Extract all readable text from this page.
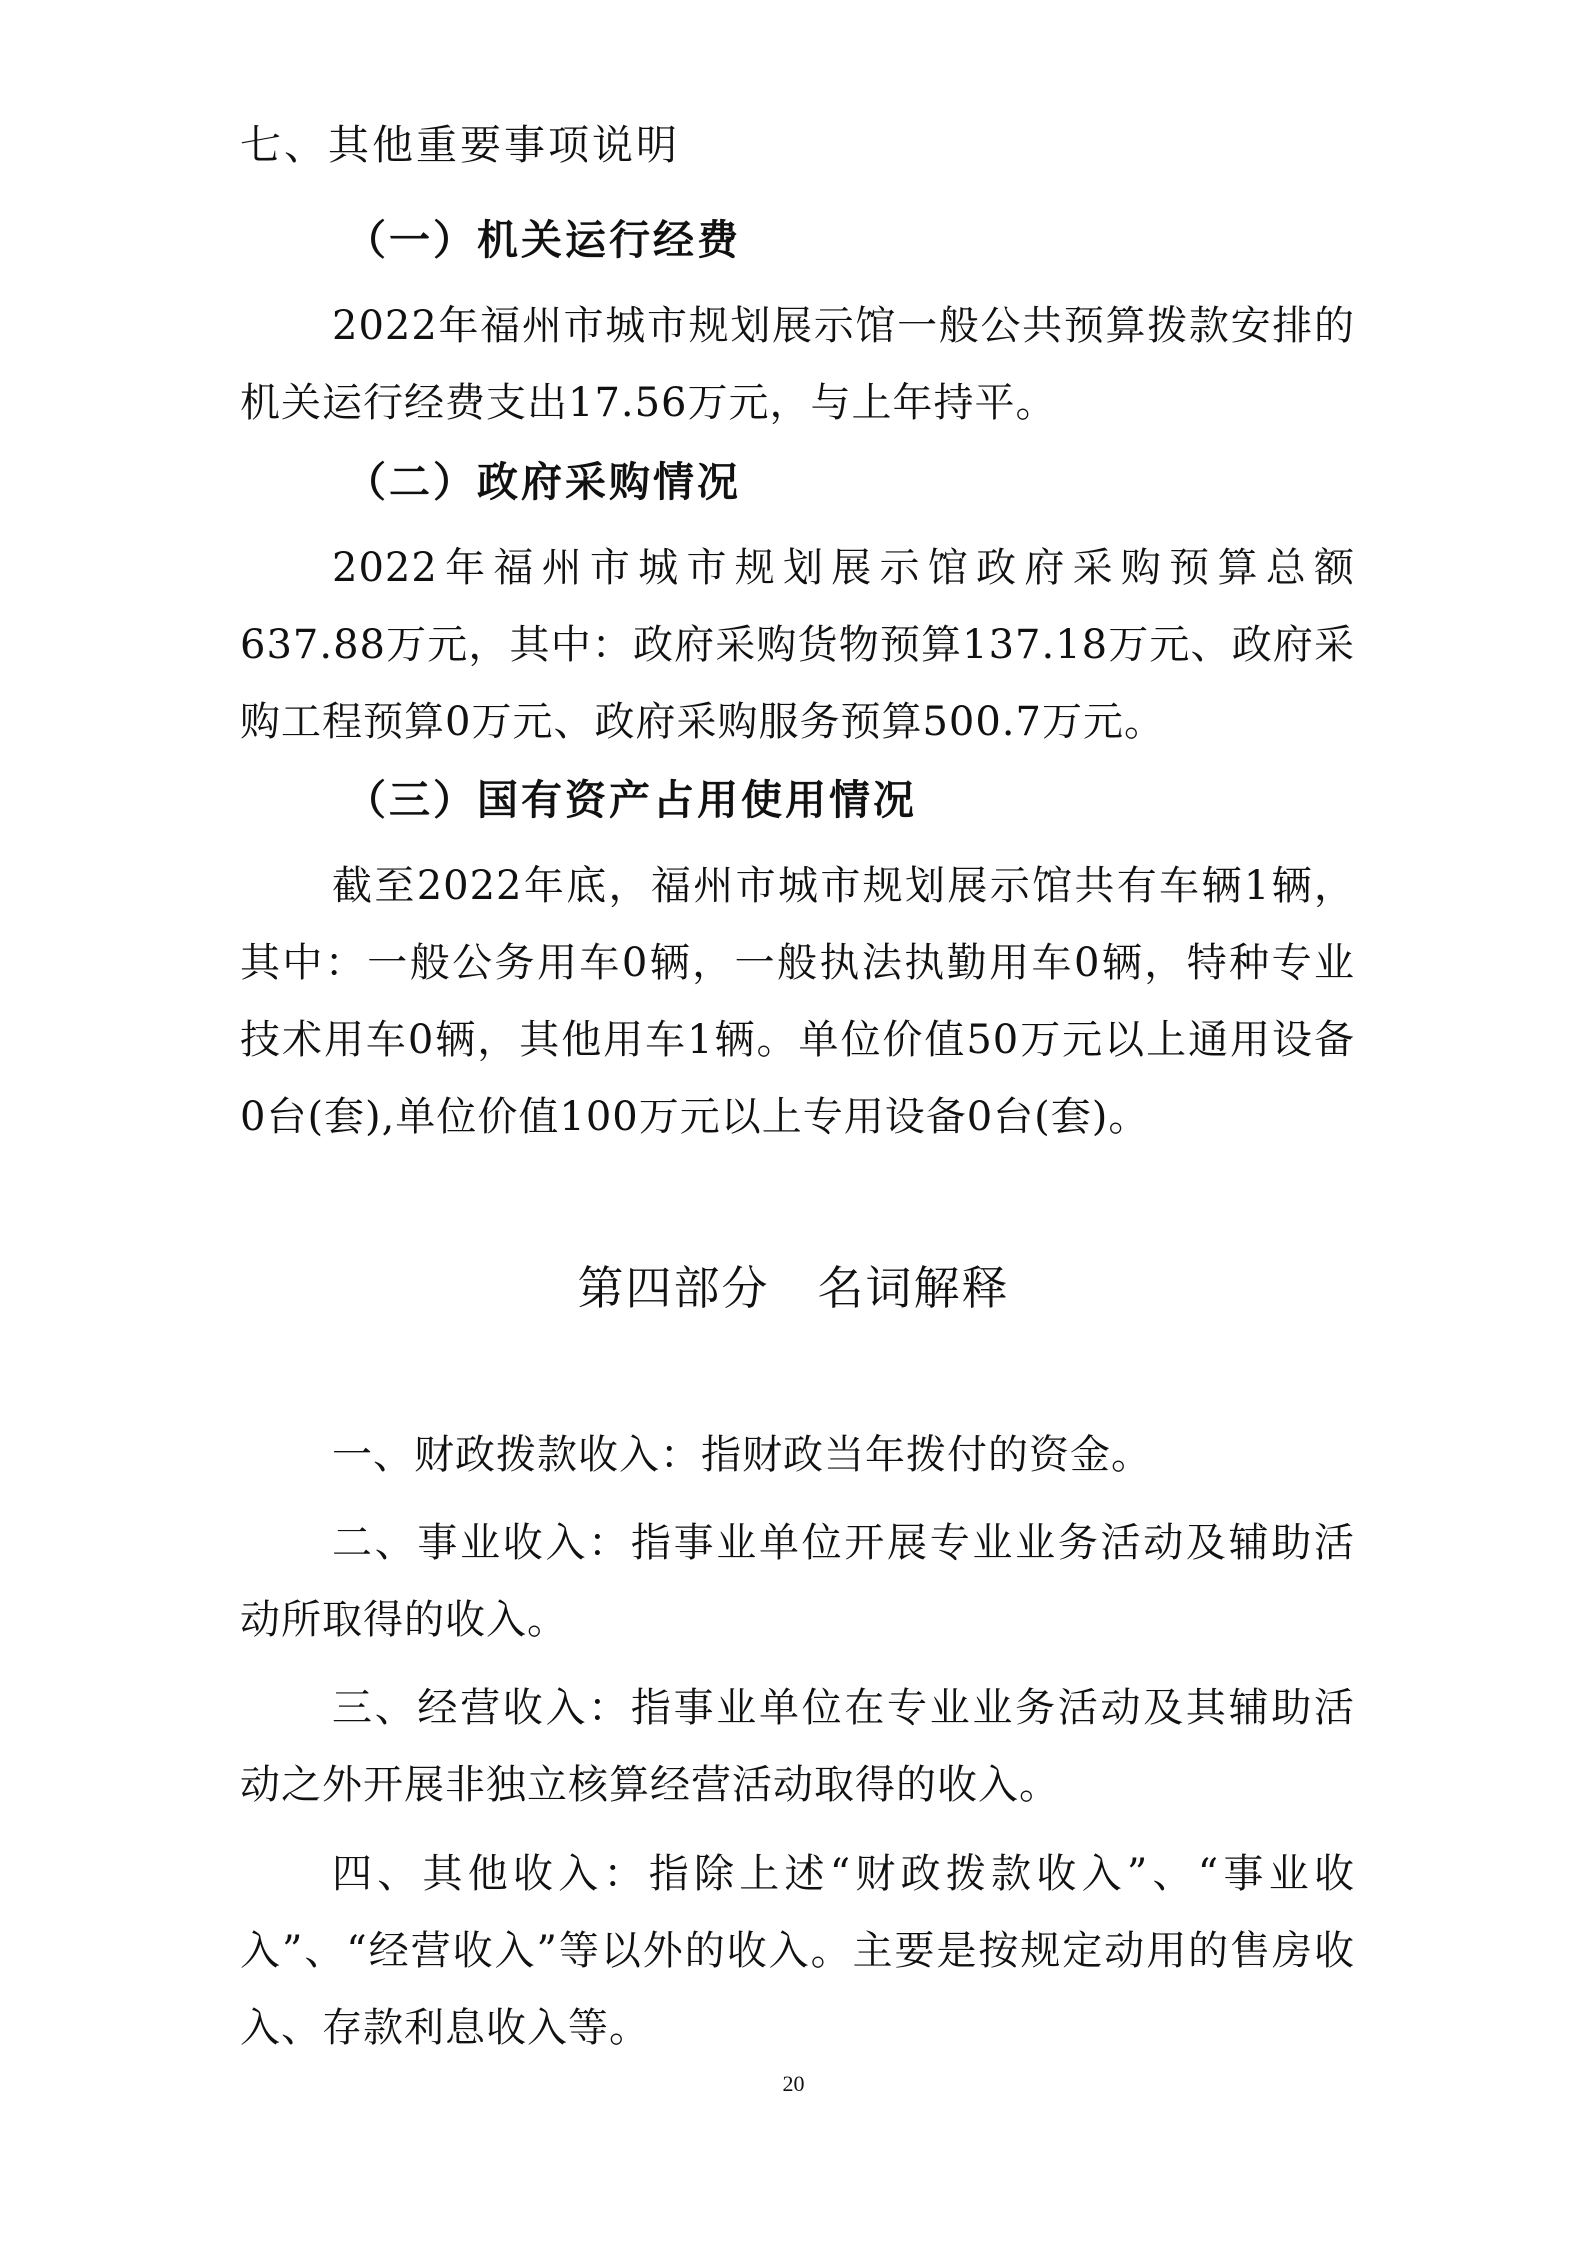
七、其他重要事项说明
（一）机关运行经费

2022年福州市城市规划展示馆一般公共预算拨款安排的机关运行经费支出17.56万元，与上年持平。

（二）政府采购情况

2022年福州市城市规划展示馆政府采购预算总额637.88万元，其中：政府采购货物预算137.18万元、政府采购工程预算0万元、政府采购服务预算500.7万元。

（三）国有资产占用使用情况

截至2022年底，福州市城市规划展示馆共有车辆1辆，其中：一般公务用车0辆，一般执法执勤用车0辆，特种专业技术用车0辆，其他用车1辆。单位价值50万元以上通用设备0台(套),单位价值100万元以上专用设备0台(套)。

第四部分　名词解释

一、财政拨款收入：指财政当年拨付的资金。

二、事业收入：指事业单位开展专业业务活动及辅助活动所取得的收入。

三、经营收入：指事业单位在专业业务活动及其辅助活动之外开展非独立核算经营活动取得的收入。

四、其他收入：指除上述“财政拨款收入”、“事业收入”、“经营收入”等以外的收入。主要是按规定动用的售房收入、存款利息收入等。

20
